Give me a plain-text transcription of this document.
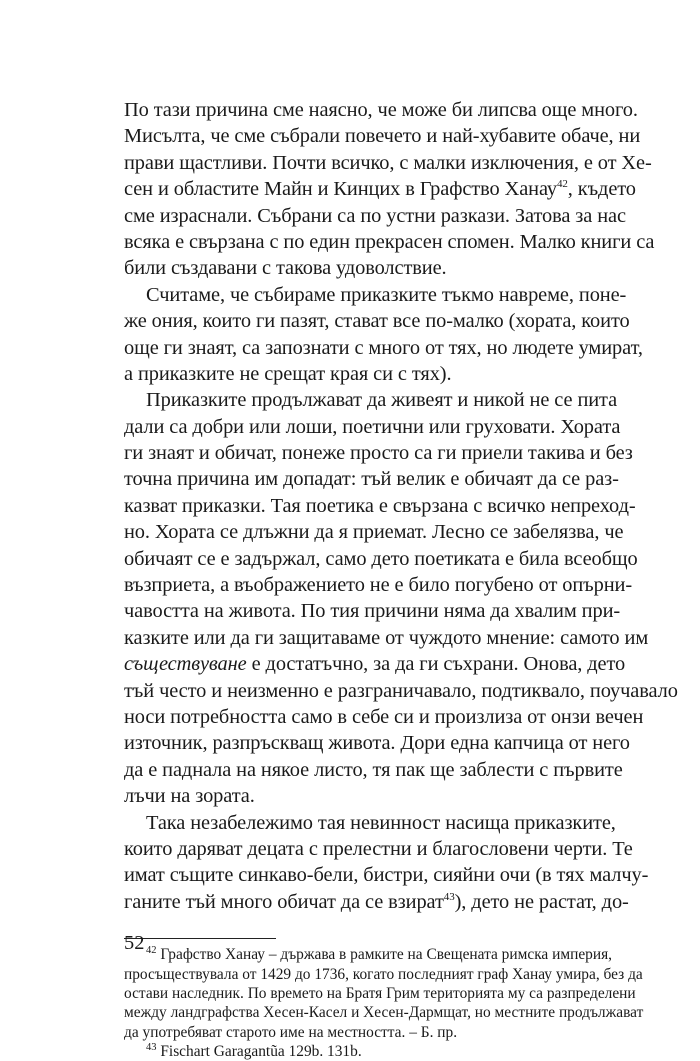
По тази причина сме наясно, че може би липсва още много.
Мисълта, че сме събрали повечето и най-хубавите обаче, ни
прави щастливи. Почти всичко, с малки изключения, е от Хе-
сен и областите Майн и Кинцих в Графство Ханау$^{42}$, където
сме израснали. Събрани са по устни разкази. Затова за нас
всяка е свързана с по един прекрасен спомен. Малко книги са
били създавани с такова удоволствие.
Считаме, че събираме приказките тъкмо навреме, поне-
же ония, които ги пазят, стават все по-малко (хората, които
още ги знаят, са запознати с много от тях, но людете умират,
а приказките не срещат края си с тях).
Приказките продължават да живеят и никой не се пита
дали са добри или лоши, поетични или груховати. Хората
ги знаят и обичат, понеже просто са ги приели такива и без
точна причина им допадат: тъй велик е обичаят да се раз-
казват приказки. Тая поетика е свързана с всичко непреход-
но. Хората се длъжни да я приемат. Лесно се забелязва, че
обичаят се е задържал, само дето поетиката е била всеобщо
възприета, а въображението не е било погубено от опърни-
чавостта на живота. По тия причини няма да хвалим при-
казките или да ги защитаваме от чуждото мнение: самото им
съществуване е достатъчно, за да ги съхрани. Онова, дето
тъй често и неизменно е разграничавало, подтиквало, поучавало
носи потребността само в себе си и произлиза от онзи вечен
източник, разпръскващ живота. Дори една капчица от него
да е паднала на някое листо, тя пак ще заблести с първите
лъчи на зората.
Така незабележимо тая невинност насища приказките,
които даряват децата с прелестни и благословени черти. Те
имат същите синкаво-бели, бистри, сияйни очи (в тях малчу-
ганите тъй много обичат да се взират$^{43}$), дето не растат, до-
$^{42}$ Графство Ханау – държава в рамките на Свещената римска империя,
просъществувала от 1429 до 1736, когато последният граф Ханау умира, без да
остави наследник. По времето на Братя Грим територията му са разпределени
между ландграфства Хесен-Касел и Хесен-Дармщат, но местните продължават
да употребяват старото име на местността. – Б. пр.
$^{43}$ Fischart Garagantũa 129b. 131b.
52
